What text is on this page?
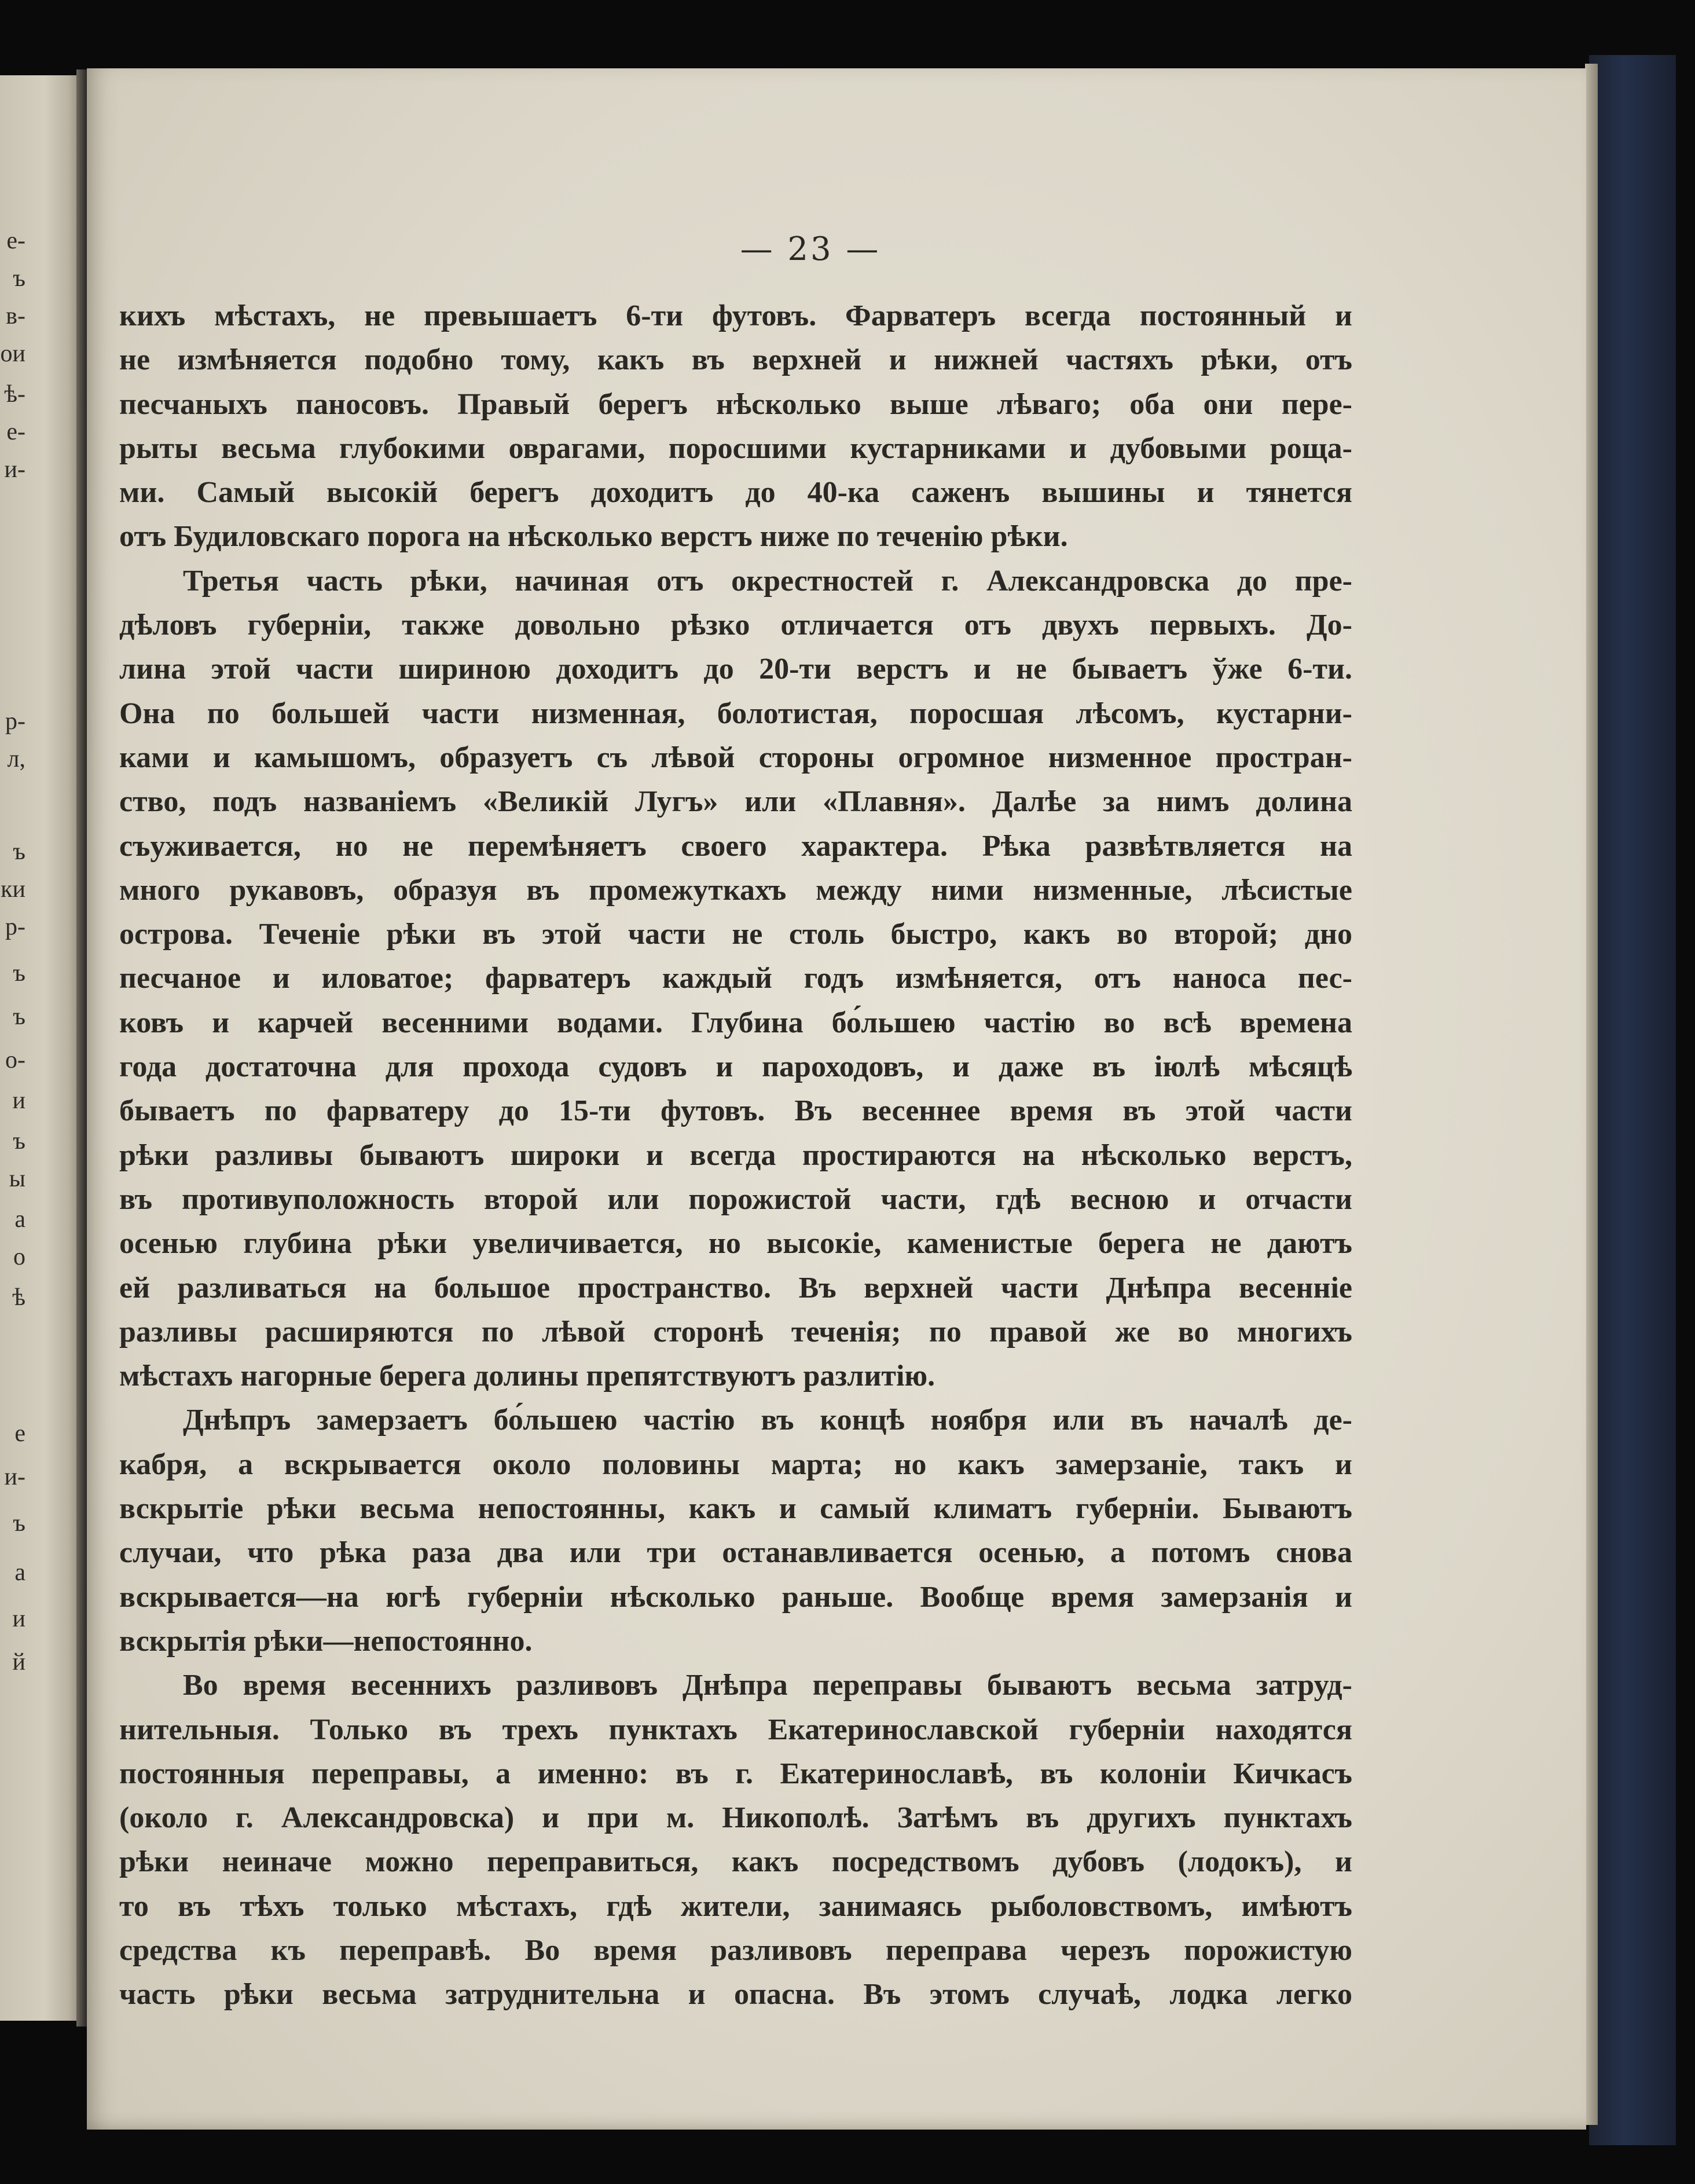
е-
ъ
в-
ои
ѣ-
е-
и-
р-
л,
ъ
ки
р-
ъ
ъ
о-
и
ъ
ы
а
о
ѣ
е
и-
ъ
а
и
й
— 23 —
кихъ мѣстахъ, не превышаетъ 6-ти футовъ. Фарватеръ всегда постоянный и
не измѣняется подобно тому, какъ въ верхней и нижней частяхъ рѣки, отъ
песчаныхъ паносовъ. Правый берегъ нѣсколько выше лѣваго; оба они пере-
рыты весьма глубокими оврагами, поросшими кустарниками и дубовыми роща-
ми. Самый высокій берегъ доходитъ до 40-ка саженъ вышины и тянется
отъ Будиловскаго порога на нѣсколько верстъ ниже по теченію рѣки.
Третья часть рѣки, начиная отъ окрестностей г. Александровска до пре-
дѣловъ губерніи, также довольно рѣзко отличается отъ двухъ первыхъ. До-
лина этой части шириною доходитъ до 20-ти верстъ и не бываетъ ўже 6-ти.
Она по большей части низменная, болотистая, поросшая лѣсомъ, кустарни-
ками и камышомъ, образуетъ съ лѣвой стороны огромное низменное простран-
ство, подъ названіемъ «Великій Лугъ» или «Плавня». Далѣе за нимъ долина
съуживается, но не перемѣняетъ своего характера. Рѣка развѣтвляется на
много рукавовъ, образуя въ промежуткахъ между ними низменные, лѣсистые
острова. Теченіе рѣки въ этой части не столь быстро, какъ во второй; дно
песчаное и иловатое; фарватеръ каждый годъ измѣняется, отъ наноса пес-
ковъ и карчей весенними водами. Глубина бо́льшею частію во всѣ времена
года достаточна для прохода судовъ и пароходовъ, и даже въ іюлѣ мѣсяцѣ
бываетъ по фарватеру до 15-ти футовъ. Въ весеннее время въ этой части
рѣки разливы бываютъ широки и всегда простираются на нѣсколько верстъ,
въ противуположность второй или порожистой части, гдѣ весною и отчасти
осенью глубина рѣки увеличивается, но высокіе, каменистые берега не даютъ
ей разливаться на большое пространство. Въ верхней части Днѣпра весенніе
разливы расширяются по лѣвой сторонѣ теченія; по правой же во многихъ
мѣстахъ нагорные берега долины препятствуютъ разлитію.
Днѣпръ замерзаетъ бо́льшею частію въ концѣ ноября или въ началѣ де-
кабря, а вскрывается около половины марта; но какъ замерзаніе, такъ и
вскрытіе рѣки весьма непостоянны, какъ и самый климатъ губерніи. Бываютъ
случаи, что рѣка раза два или три останавливается осенью, а потомъ снова
вскрывается—на югѣ губерніи нѣсколько раньше. Вообще время замерзанія и
вскрытія рѣки—непостоянно.
Во время весеннихъ разливовъ Днѣпра переправы бываютъ весьма затруд-
нительныя. Только въ трехъ пунктахъ Екатеринославской губерніи находятся
постоянныя переправы, а именно: въ г. Екатеринославѣ, въ колоніи Кичкасъ
(около г. Александровска) и при м. Никополѣ. Затѣмъ въ другихъ пунктахъ
рѣки неиначе можно переправиться, какъ посредствомъ дубовъ (лодокъ), и
то въ тѣхъ только мѣстахъ, гдѣ жители, занимаясь рыболовствомъ, имѣютъ
средства къ переправѣ. Во время разливовъ переправа черезъ порожистую
часть рѣки весьма затруднительна и опасна. Въ этомъ случаѣ, лодка легко
